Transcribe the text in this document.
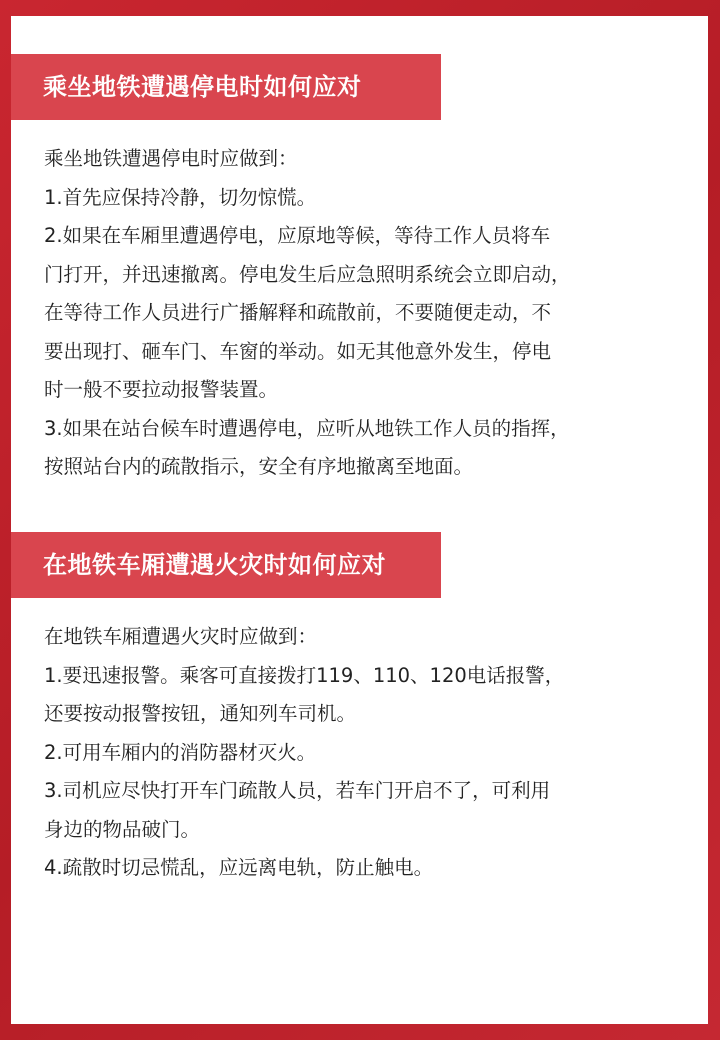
乘坐地铁遭遇停电时如何应对
乘坐地铁遭遇停电时应做到：
1.首先应保持冷静，切勿惊慌。
2.如果在车厢里遭遇停电，应原地等候，等待工作人员将车
门打开，并迅速撤离。停电发生后应急照明系统会立即启动，
在等待工作人员进行广播解释和疏散前，不要随便走动，不
要出现打、砸车门、车窗的举动。如无其他意外发生，停电
时一般不要拉动报警装置。
3.如果在站台候车时遭遇停电，应听从地铁工作人员的指挥，
按照站台内的疏散指示，安全有序地撤离至地面。
在地铁车厢遭遇火灾时如何应对
在地铁车厢遭遇火灾时应做到：
1.要迅速报警。乘客可直接拨打119、110、120电话报警，
还要按动报警按钮，通知列车司机。
2.可用车厢内的消防器材灭火。
3.司机应尽快打开车门疏散人员，若车门开启不了，可利用
身边的物品破门。
4.疏散时切忌慌乱，应远离电轨，防止触电。
